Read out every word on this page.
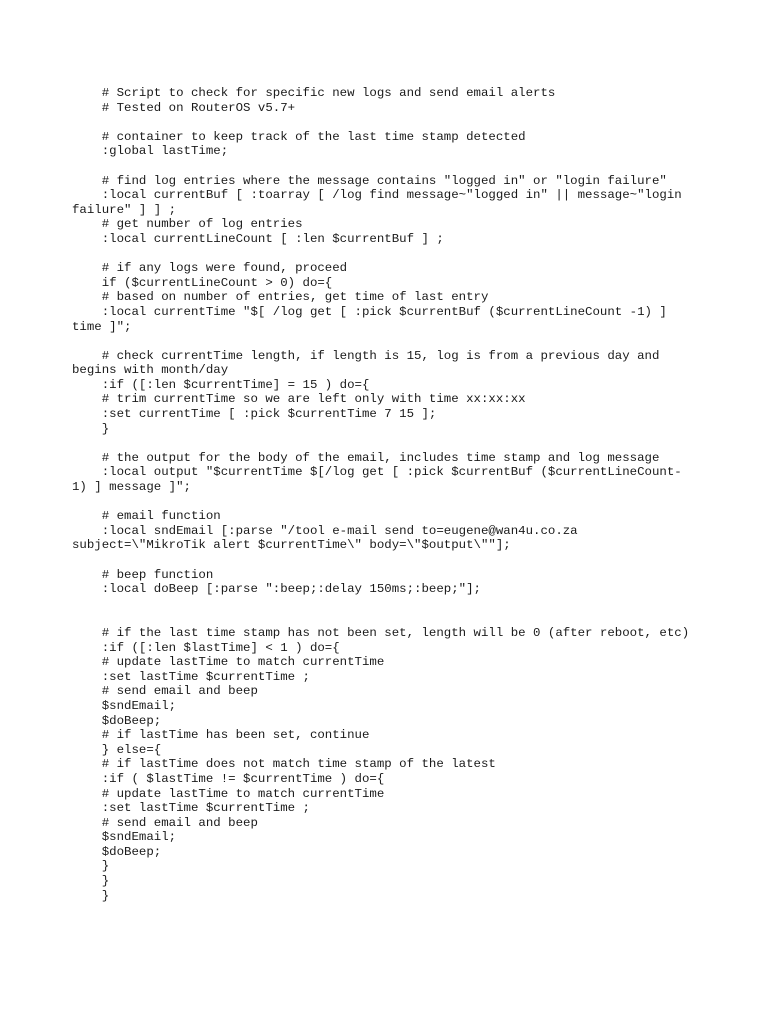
# Script to check for specific new logs and send email alerts
# Tested on RouterOS v5.7+
# container to keep track of the last time stamp detected
:global lastTime;
# find log entries where the message contains "logged in" or "login failure"
:local currentBuf [ :toarray [ /log find message~"logged in" || message~"login
failure" ] ] ;
# get number of log entries
:local currentLineCount [ :len $currentBuf ] ;
# if any logs were found, proceed
if ($currentLineCount > 0) do={
# based on number of entries, get time of last entry
:local currentTime "$[ /log get [ :pick $currentBuf ($currentLineCount -1) ]
time ]";
# check currentTime length, if length is 15, log is from a previous day and
begins with month/day
:if ([:len $currentTime] = 15 ) do={
# trim currentTime so we are left only with time xx:xx:xx
:set currentTime [ :pick $currentTime 7 15 ];
}
# the output for the body of the email, includes time stamp and log message
:local output "$currentTime $[/log get [ :pick $currentBuf ($currentLineCount-
1) ] message ]";
# email function
:local sndEmail [:parse "/tool e-mail send to=eugene@wan4u.co.za
subject=\"MikroTik alert $currentTime\" body=\"$output\""];
# beep function
:local doBeep [:parse ":beep;:delay 150ms;:beep;"];
# if the last time stamp has not been set, length will be 0 (after reboot, etc)
:if ([:len $lastTime] < 1 ) do={
# update lastTime to match currentTime
:set lastTime $currentTime ;
# send email and beep
$sndEmail;
$doBeep;
# if lastTime has been set, continue
} else={
# if lastTime does not match time stamp of the latest
:if ( $lastTime != $currentTime ) do={
# update lastTime to match currentTime
:set lastTime $currentTime ;
# send email and beep
$sndEmail;
$doBeep;
}
}
}
